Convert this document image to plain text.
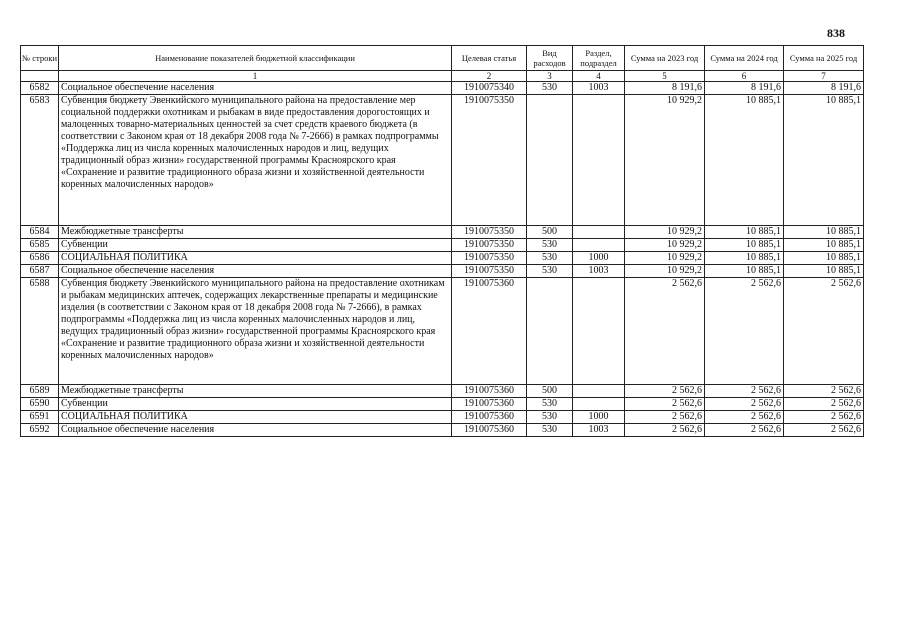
838
№ строки	Наименование показателей бюджетной классификации	Целевая статья	Вид расходов	Раздел, подраздел	Сумма на 2023 год	Сумма на 2024 год	Сумма на 2025 год
	1	2	3	4	5	6	7
6582	Социальное обеспечение населения	1910075340	530	1003	8 191,6	8 191,6	8 191,6
6583	Субвенция бюджету Эвенкийского муниципального района на предоставление мер социальной поддержки охотникам и рыбакам в виде предоставления дорогостоящих и малоценных товарно-материальных ценностей за счет средств краевого бюджета (в соответствии с Законом края от 18 декабря 2008 года № 7-2666) в рамках подпрограммы «Поддержка лиц из числа коренных малочисленных народов и лиц, ведущих традиционный образ жизни» государственной программы Красноярского края «Сохранение и развитие традиционного образа жизни и хозяйственной деятельности коренных малочисленных народов»	1910075350			10 929,2	10 885,1	10 885,1
6584	Межбюджетные трансферты	1910075350	500		10 929,2	10 885,1	10 885,1
6585	Субвенции	1910075350	530		10 929,2	10 885,1	10 885,1
6586	СОЦИАЛЬНАЯ ПОЛИТИКА	1910075350	530	1000	10 929,2	10 885,1	10 885,1
6587	Социальное обеспечение населения	1910075350	530	1003	10 929,2	10 885,1	10 885,1
6588	Субвенция бюджету Эвенкийского муниципального района на предоставление охотникам и рыбакам медицинских аптечек, содержащих лекарственные препараты и медицинские изделия (в соответствии с Законом края от 18 декабря 2008 года № 7-2666), в рамках подпрограммы «Поддержка лиц из числа коренных малочисленных народов и лиц, ведущих традиционный образ жизни» государственной программы Красноярского края «Сохранение и развитие традиционного образа жизни и хозяйственной деятельности коренных малочисленных народов»	1910075360			2 562,6	2 562,6	2 562,6
6589	Межбюджетные трансферты	1910075360	500		2 562,6	2 562,6	2 562,6
6590	Субвенции	1910075360	530		2 562,6	2 562,6	2 562,6
6591	СОЦИАЛЬНАЯ ПОЛИТИКА	1910075360	530	1000	2 562,6	2 562,6	2 562,6
6592	Социальное обеспечение населения	1910075360	530	1003	2 562,6	2 562,6	2 562,6
